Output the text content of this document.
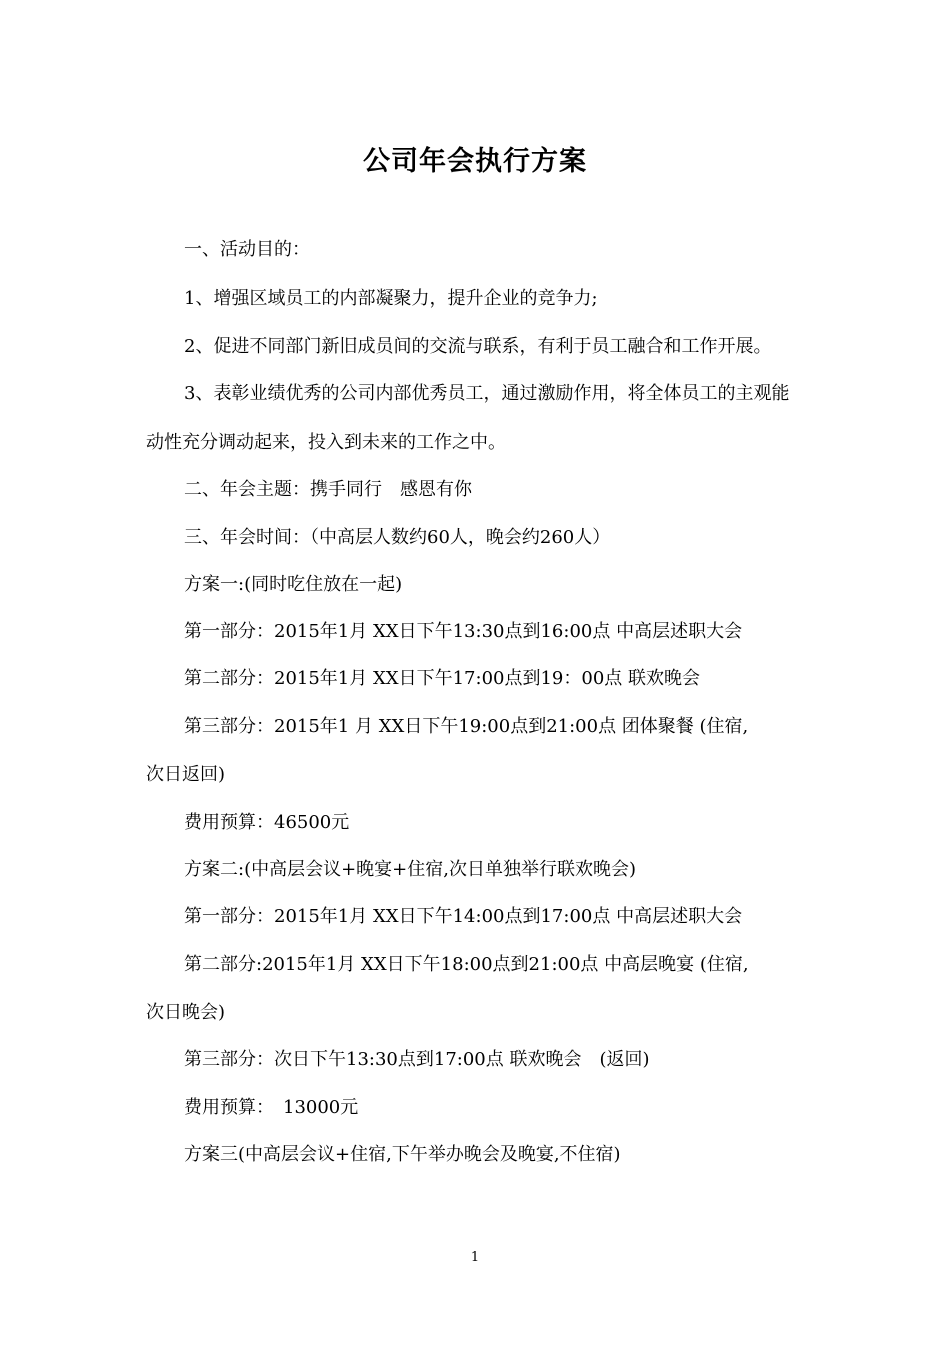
公司年会执行方案
一、活动目的：
1、增强区域员工的内部凝聚力，提升企业的竞争力;
2、促进不同部门新旧成员间的交流与联系，有利于员工融合和工作开展。
3、表彰业绩优秀的公司内部优秀员工，通过激励作用，将全体员工的主观能
动性充分调动起来，投入到未来的工作之中。
二、年会主题：携手同行　感恩有你
三、年会时间：（中高层人数约60人，晚会约260人）
方案一:(同时吃住放在一起)
第一部分：2015年1月 XX日下午13:30点到16:00点 中高层述职大会
第二部分：2015年1月 XX日下午17:00点到19：00点 联欢晚会
第三部分：2015年1 月 XX日下午19:00点到21:00点 团体聚餐 (住宿,
次日返回)
费用预算：46500元
方案二:(中高层会议+晚宴+住宿,次日单独举行联欢晚会)
第一部分：2015年1月 XX日下午14:00点到17:00点 中高层述职大会
第二部分:2015年1月 XX日下午18:00点到21:00点 中高层晚宴 (住宿,
次日晚会)
第三部分：次日下午13:30点到17:00点 联欢晚会　(返回)
费用预算：　13000元
方案三(中高层会议+住宿,下午举办晚会及晚宴,不住宿)
1
